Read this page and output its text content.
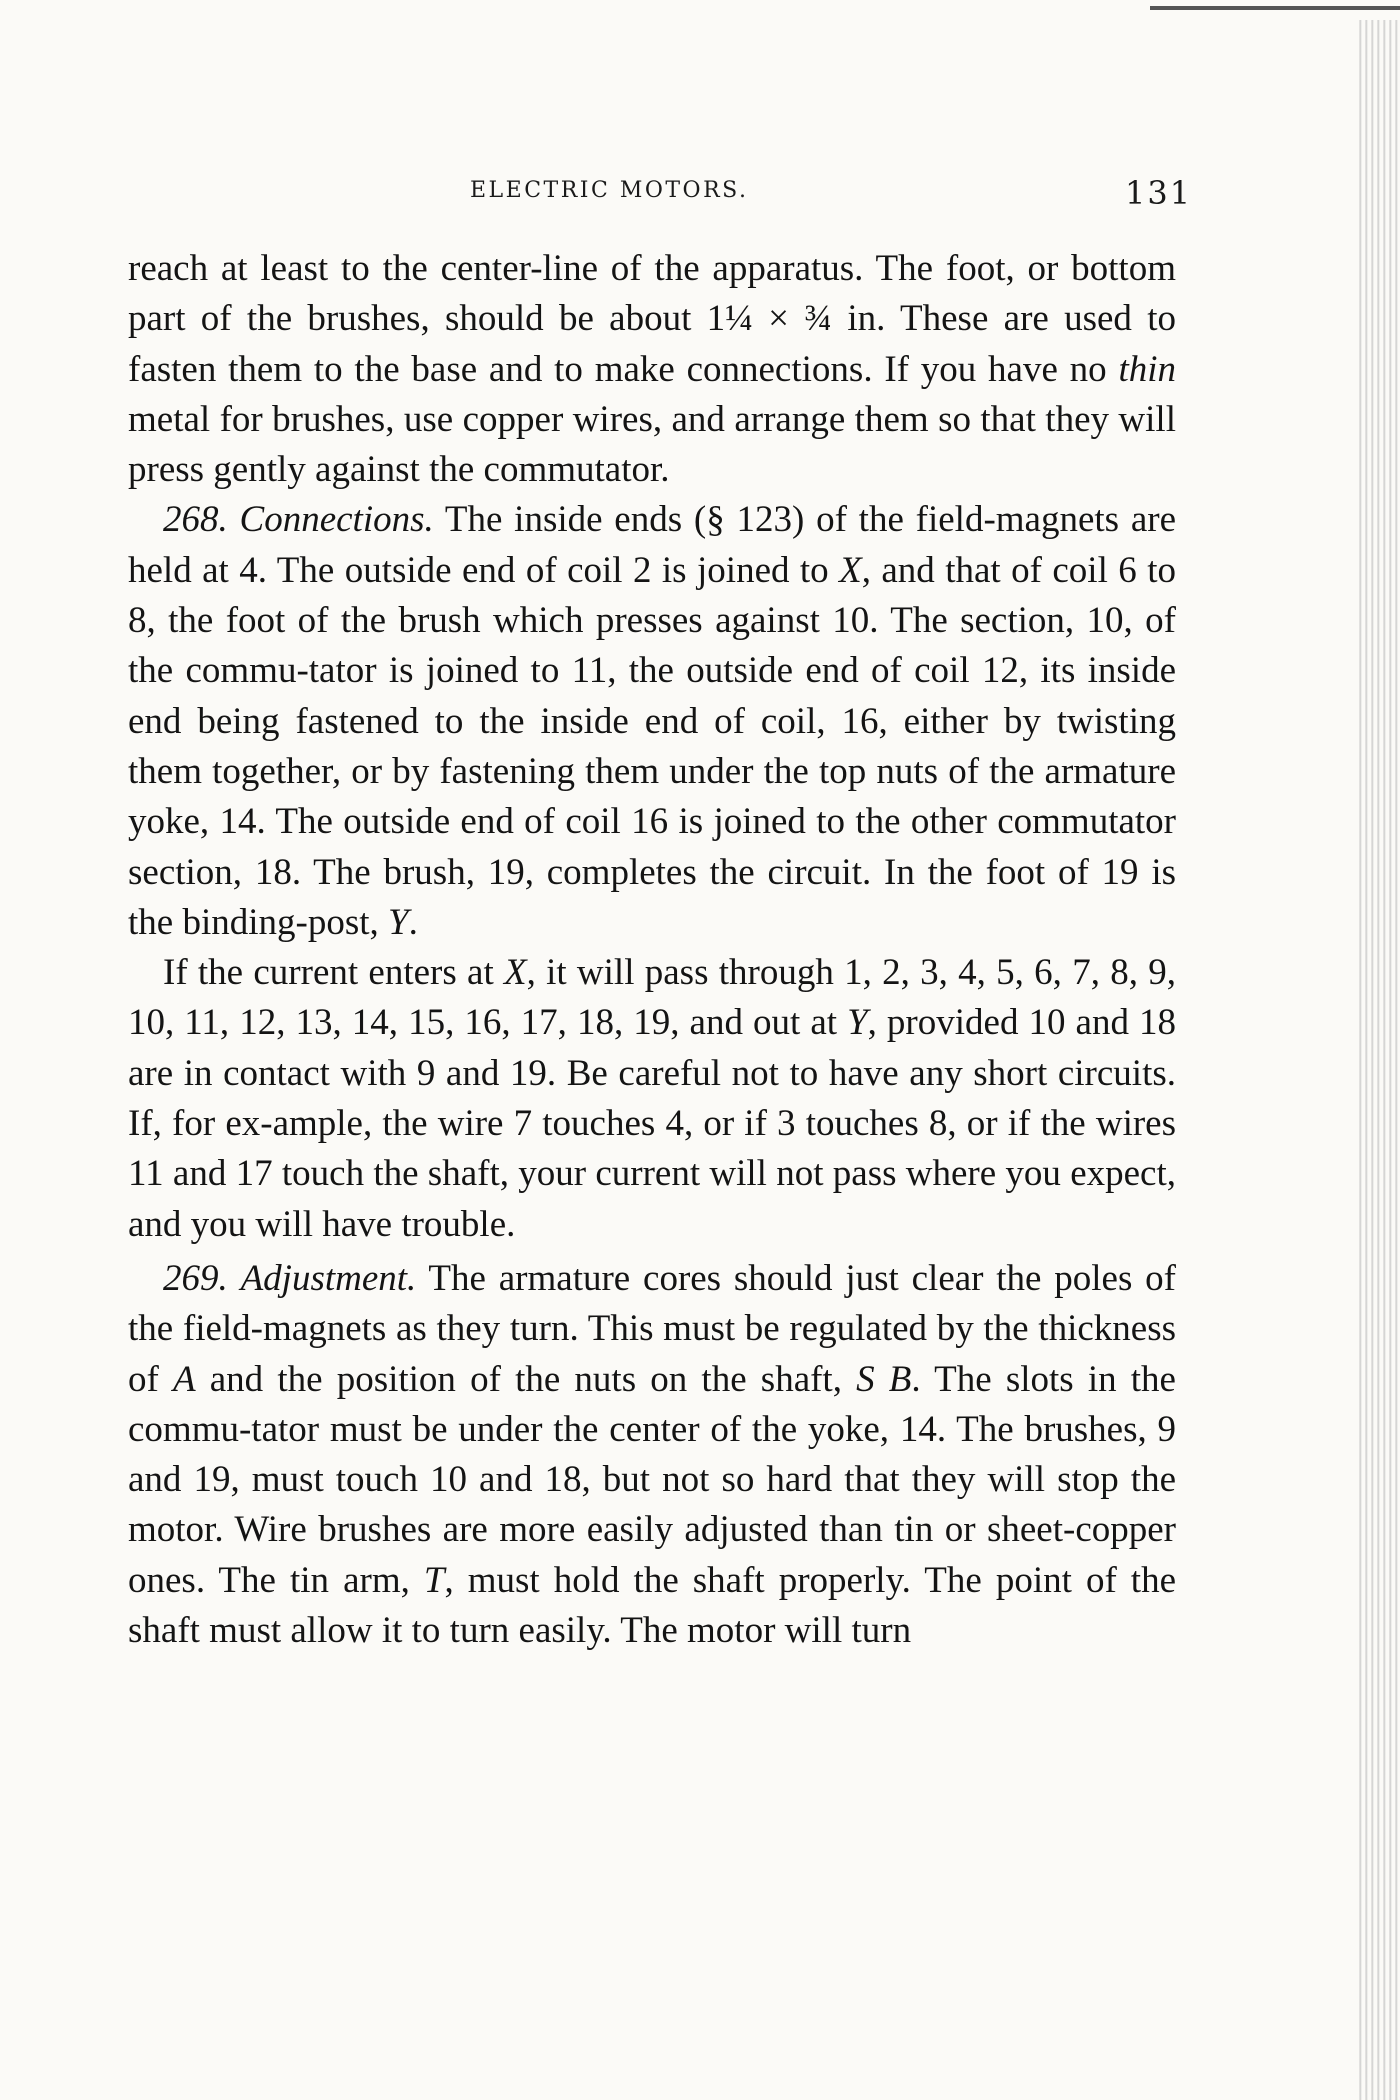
ELECTRIC MOTORS.	131

reach at least to the center-line of the apparatus. The foot, or bottom part of the brushes, should be about 1¼ × ¾ in. These are used to fasten them to the base and to make connections. If you have no thin metal for brushes, use copper wires, and arrange them so that they will press gently against the commutator.

268. Connections. The inside ends (§ 123) of the field-magnets are held at 4. The outside end of coil 2 is joined to X, and that of coil 6 to 8, the foot of the brush which presses against 10. The section, 10, of the commu-tator is joined to 11, the outside end of coil 12, its inside end being fastened to the inside end of coil, 16, either by twisting them together, or by fastening them under the top nuts of the armature yoke, 14. The outside end of coil 16 is joined to the other commutator section, 18. The brush, 19, completes the circuit. In the foot of 19 is the binding-post, Y.

If the current enters at X, it will pass through 1, 2, 3, 4, 5, 6, 7, 8, 9, 10, 11, 12, 13, 14, 15, 16, 17, 18, 19, and out at Y, provided 10 and 18 are in contact with 9 and 19. Be careful not to have any short circuits. If, for ex-ample, the wire 7 touches 4, or if 3 touches 8, or if the wires 11 and 17 touch the shaft, your current will not pass where you expect, and you will have trouble.

269. Adjustment. The armature cores should just clear the poles of the field-magnets as they turn. This must be regulated by the thickness of A and the position of the nuts on the shaft, S B. The slots in the commu-tator must be under the center of the yoke, 14. The brushes, 9 and 19, must touch 10 and 18, but not so hard that they will stop the motor. Wire brushes are more easily adjusted than tin or sheet-copper ones. The tin arm, T, must hold the shaft properly. The point of the shaft must allow it to turn easily. The motor will turn
